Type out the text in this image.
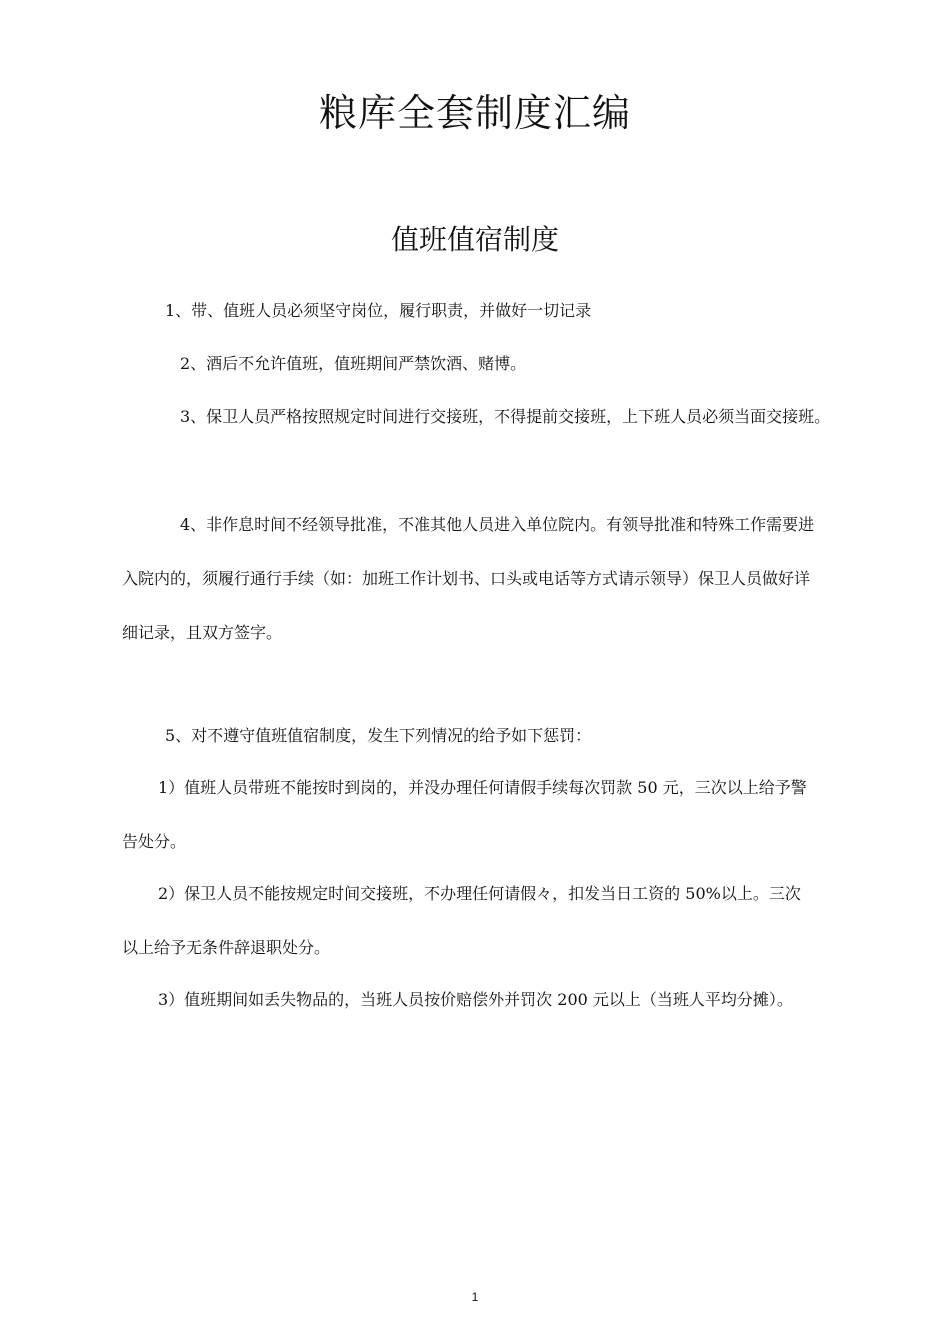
粮库全套制度汇编
值班值宿制度

1、带、值班人员必须坚守岗位，履行职责，并做好一切记录

2、酒后不允许值班，值班期间严禁饮酒、赌博。

3、保卫人员严格按照规定时间进行交接班，不得提前交接班，上下班人员必须当面交接班。

4、非作息时间不经领导批准，不准其他人员进入单位院内。有领导批准和特殊工作需要进入院内的，须履行通行手续（如：加班工作计划书、口头或电话等方式请示领导）保卫人员做好详细记录，且双方签字。

5、对不遵守值班值宿制度，发生下列情况的给予如下惩罚：

1）值班人员带班不能按时到岗的，并没办理任何请假手续每次罚款 50 元，三次以上给予警告处分。

2）保卫人员不能按规定时间交接班，不办理任何请假々，扣发当日工资的 50%以上。三次以上给予无条件辞退职处分。

3）值班期间如丢失物品的，当班人员按价赔偿外并罚次 200 元以上（当班人平均分摊）。

1
